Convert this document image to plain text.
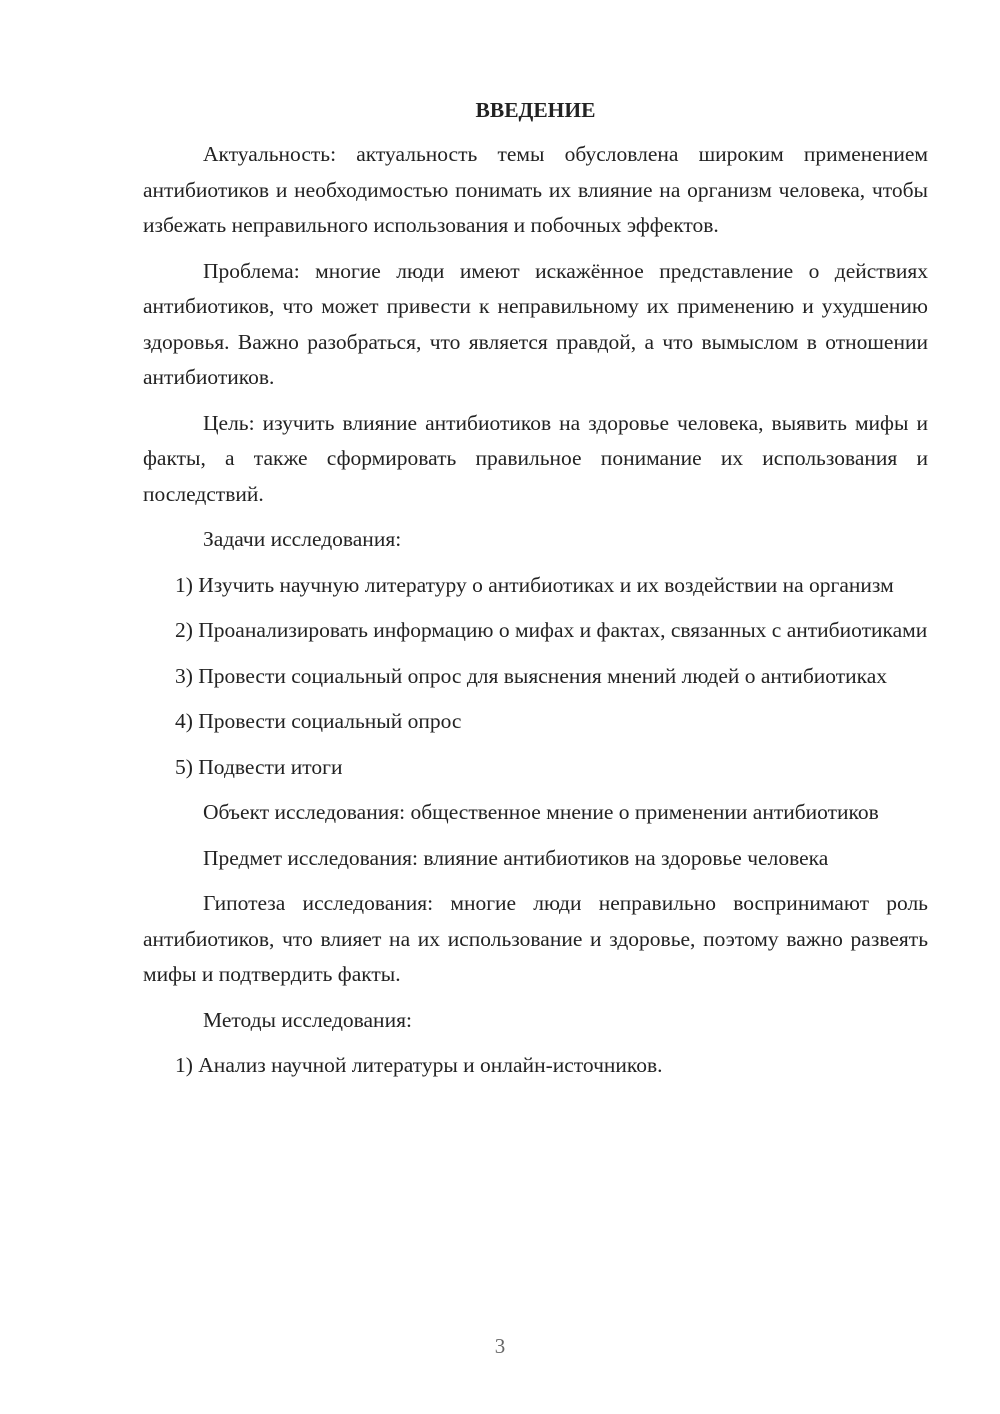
ВВЕДЕНИЕ

Актуальность: актуальность темы обусловлена широким применением антибиотиков и необходимостью понимать их влияние на организм человека, чтобы избежать неправильного использования и побочных эффектов.

Проблема: многие люди имеют искажённое представление о действиях антибиотиков, что может привести к неправильному их применению и ухудшению здоровья. Важно разобраться, что является правдой, а что вымыслом в отношении антибиотиков.

Цель: изучить влияние антибиотиков на здоровье человека, выявить мифы и факты, а также сформировать правильное понимание их использования и последствий.

Задачи исследования:

1) Изучить научную литературу о антибиотиках и их воздействии на организм

2) Проанализировать информацию о мифах и фактах, связанных с антибиотиками

3) Провести социальный опрос для выяснения мнений людей о антибиотиках

4) Провести социальный опрос

5) Подвести итоги

Объект исследования: общественное мнение о применении антибиотиков

Предмет исследования: влияние антибиотиков на здоровье человека

Гипотеза исследования: многие люди неправильно воспринимают роль антибиотиков, что влияет на их использование и здоровье, поэтому важно развеять мифы и подтвердить факты.

Методы исследования:

1) Анализ научной литературы и онлайн-источников.

3
